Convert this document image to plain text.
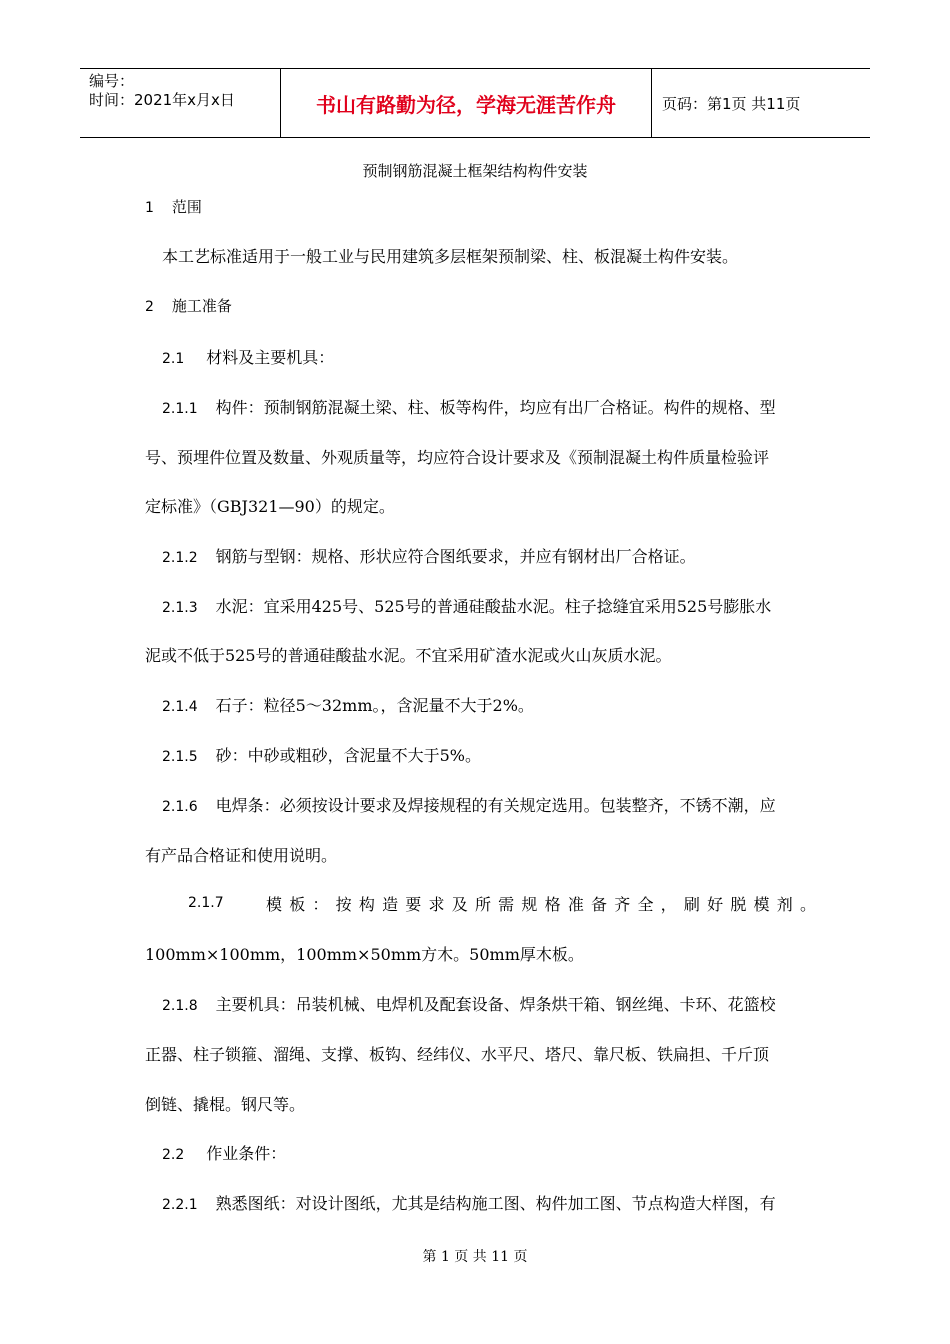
编号：
时间：2021年x月x日	书山有路勤为径，学海无涯苦作舟	页码：第1页 共11页
预制钢筋混凝土框架结构构件安装
1 范围
本工艺标准适用于一般工业与民用建筑多层框架预制梁、柱、板混凝土构件安装。
2 施工准备
2.1 材料及主要机具：
2.1.1 构件：预制钢筋混凝土梁、柱、板等构件，均应有出厂合格证。构件的规格、型
号、预埋件位置及数量、外观质量等，均应符合设计要求及《预制混凝土构件质量检验评
定标准》（GBJ321—90）的规定。
2.1.2 钢筋与型钢：规格、形状应符合图纸要求，并应有钢材出厂合格证。
2.1.3 水泥：宜采用425号、525号的普通硅酸盐水泥。柱子捻缝宜采用525号膨胀水
泥或不低于525号的普通硅酸盐水泥。不宜采用矿渣水泥或火山灰质水泥。
2.1.4 石子：粒径5～32mm。，含泥量不大于2%。
2.1.5 砂：中砂或粗砂，含泥量不大于5%。
2.1.6 电焊条：必须按设计要求及焊接规程的有关规定选用。包装整齐，不锈不潮，应
有产品合格证和使用说明。
2.1.7	模板：按构造要求及所需规格准备齐全，刷好脱模剂。
100mm×100mm，100mm×50mm方木。50mm厚木板。
2.1.8 主要机具：吊装机械、电焊机及配套设备、焊条烘干箱、钢丝绳、卡环、花篮校
正器、柱子锁箍、溜绳、支撑、板钩、经纬仪、水平尺、塔尺、靠尺板、铁扁担、千斤顶
倒链、撬棍。钢尺等。
2.2 作业条件：
2.2.1 熟悉图纸：对设计图纸，尤其是结构施工图、构件加工图、节点构造大样图，有
第 1 页 共 11 页
